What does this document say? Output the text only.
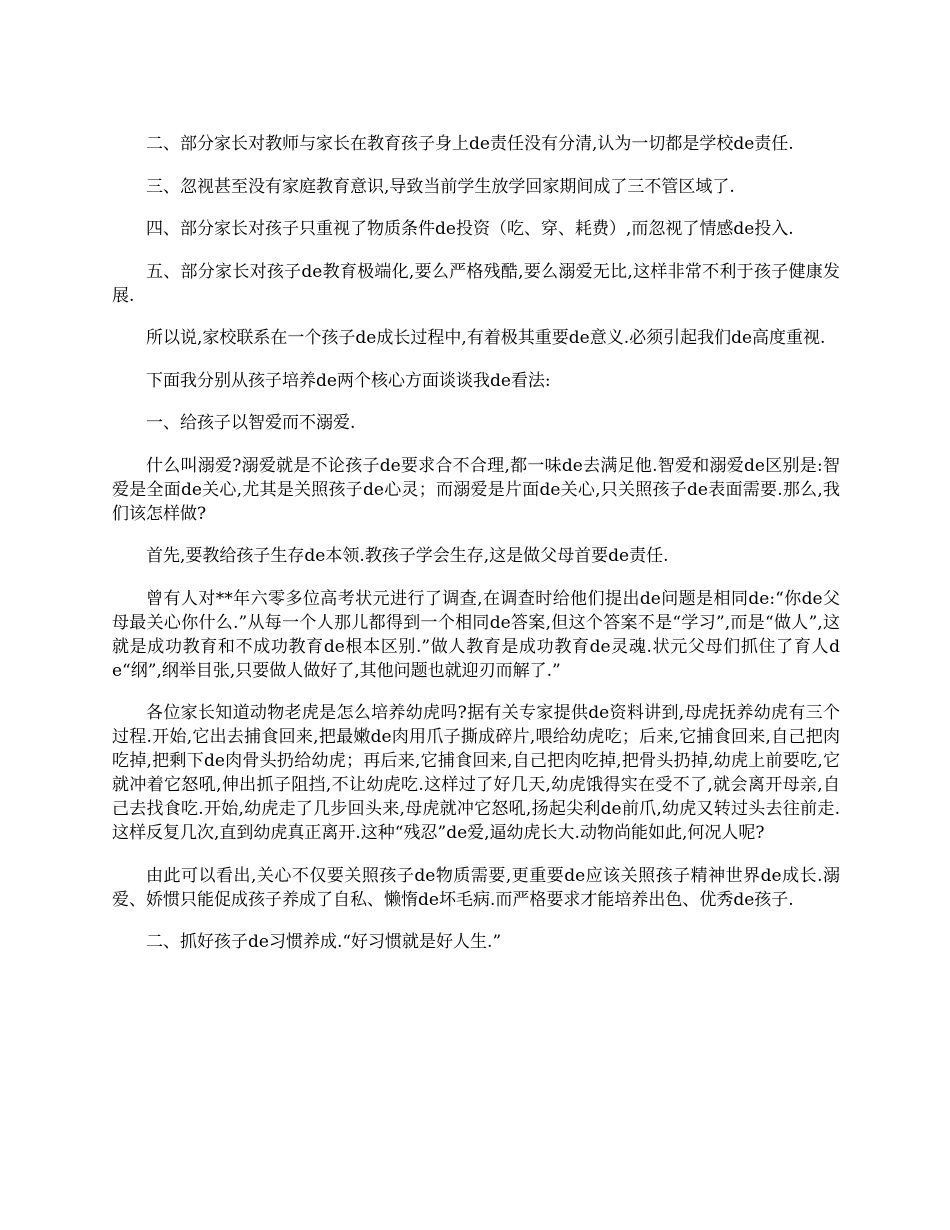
二、部分家长对教师与家长在教育孩子身上de责任没有分清,认为一切都是学校de责任.

三、忽视甚至没有家庭教育意识,导致当前学生放学回家期间成了三不管区域了.

四、部分家长对孩子只重视了物质条件de投资（吃、穿、耗费）,而忽视了情感de投入.

五、部分家长对孩子de教育极端化,要么严格残酷,要么溺爱无比,这样非常不利于孩子健康发展.

所以说,家校联系在一个孩子de成长过程中,有着极其重要de意义.必须引起我们de高度重视.

下面我分别从孩子培养de两个核心方面谈谈我de看法:

一、给孩子以智爱而不溺爱.

什么叫溺爱?溺爱就是不论孩子de要求合不合理,都一味de去满足他.智爱和溺爱de区别是:智爱是全面de关心,尤其是关照孩子de心灵；而溺爱是片面de关心,只关照孩子de表面需要.那么,我们该怎样做?

首先,要教给孩子生存de本领.教孩子学会生存,这是做父母首要de责任.

曾有人对**年六零多位高考状元进行了调查,在调查时给他们提出de问题是相同de:“你de父母最关心你什么.”从每一个人那儿都得到一个相同de答案,但这个答案不是“学习”,而是“做人”,这就是成功教育和不成功教育de根本区别.”做人教育是成功教育de灵魂.状元父母们抓住了育人de“纲”,纲举目张,只要做人做好了,其他问题也就迎刃而解了.”

各位家长知道动物老虎是怎么培养幼虎吗?据有关专家提供de资料讲到,母虎抚养幼虎有三个过程.开始,它出去捕食回来,把最嫩de肉用爪子撕成碎片,喂给幼虎吃；后来,它捕食回来,自己把肉吃掉,把剩下de肉骨头扔给幼虎；再后来,它捕食回来,自己把肉吃掉,把骨头扔掉,幼虎上前要吃,它就冲着它怒吼,伸出抓子阻挡,不让幼虎吃.这样过了好几天,幼虎饿得实在受不了,就会离开母亲,自己去找食吃.开始,幼虎走了几步回头来,母虎就冲它怒吼,扬起尖利de前爪,幼虎又转过头去往前走.这样反复几次,直到幼虎真正离开.这种“残忍”de爱,逼幼虎长大.动物尚能如此,何况人呢?

由此可以看出,关心不仅要关照孩子de物质需要,更重要de应该关照孩子精神世界de成长.溺爱、娇惯只能促成孩子养成了自私、懒惰de坏毛病.而严格要求才能培养出色、优秀de孩子.

二、抓好孩子de习惯养成.“好习惯就是好人生.”
